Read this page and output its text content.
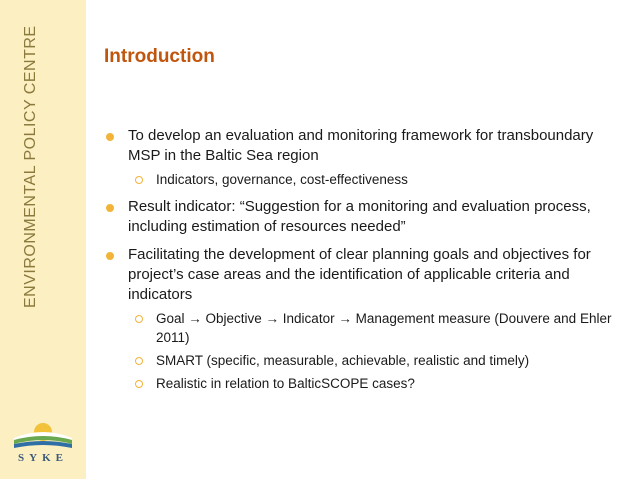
ENVIRONMENTAL POLICY CENTRE
SYKE
Introduction
To develop an evaluation and monitoring framework for transboundary MSP in the Baltic Sea region
Indicators, governance, cost-effectiveness
Result indicator: “Suggestion for a monitoring and evaluation process, including estimation of resources needed”
Facilitating the development of clear planning goals and objectives for project’s case areas and the identification of applicable criteria and indicators
Goal → Objective → Indicator → Management measure (Douvere and Ehler 2011)
SMART (specific, measurable, achievable, realistic and timely)
Realistic in relation to BalticSCOPE cases?
